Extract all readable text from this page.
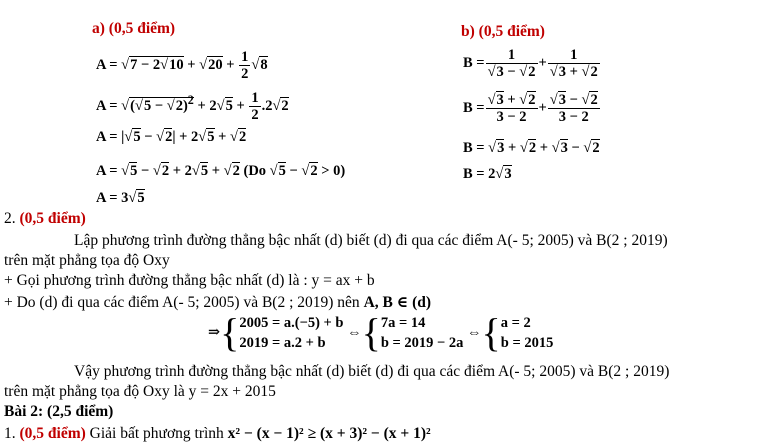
a) (0,5 điểm)
$A = √7 - 2√10 + √20 + \frac{1}{2} √8$
$A = √(√5 - √2)^2 + 2√5 + \frac{1}{2} .2√2$
A = |√5 − √2| + 2√5 + √2
A = √5 − √2 + 2√5 + √2 (Do √5 − √2 > 0)
A = 3√5
b) (0,5 điểm)
$B = \frac{1}{√3 - √2} + \frac{1}{√3 + √2}$
$B = \frac{√3 + √2}{3 - 2} + \frac{√3 - √2}{3 - 2}$
B = √3 + √2 + √3 − √2
B = 2√3
2. (0,5 điểm)
Lập phương trình đường thẳng bậc nhất (d) biết (d) đi qua các điểm A(- 5; 2005) và B(2 ; 2019)
trên mặt phẳng tọa độ Oxy
+ Gọi phương trình đường thẳng bậc nhất (d) là : y = ax + b
+ Do (d) đi qua các điểm A(- 5; 2005) và B(2 ; 2019) nên A, B ∈ (d)
⇒{2005 = a.(−5) + b
2019 = a.2 + b ⇔{7a = 14
b = 2019 − 2a ⇔{a = 2
b = 2015
Vậy phương trình đường thẳng bậc nhất (d) biết (d) đi qua các điểm A(- 5; 2005) và B(2 ; 2019)
trên mặt phẳng tọa độ Oxy là y = 2x + 2015
Bài 2: (2,5 điểm)
1. (0,5 điểm) Giải bất phương trình x² − (x − 1)² ≥ (x + 3)² − (x + 1)²
